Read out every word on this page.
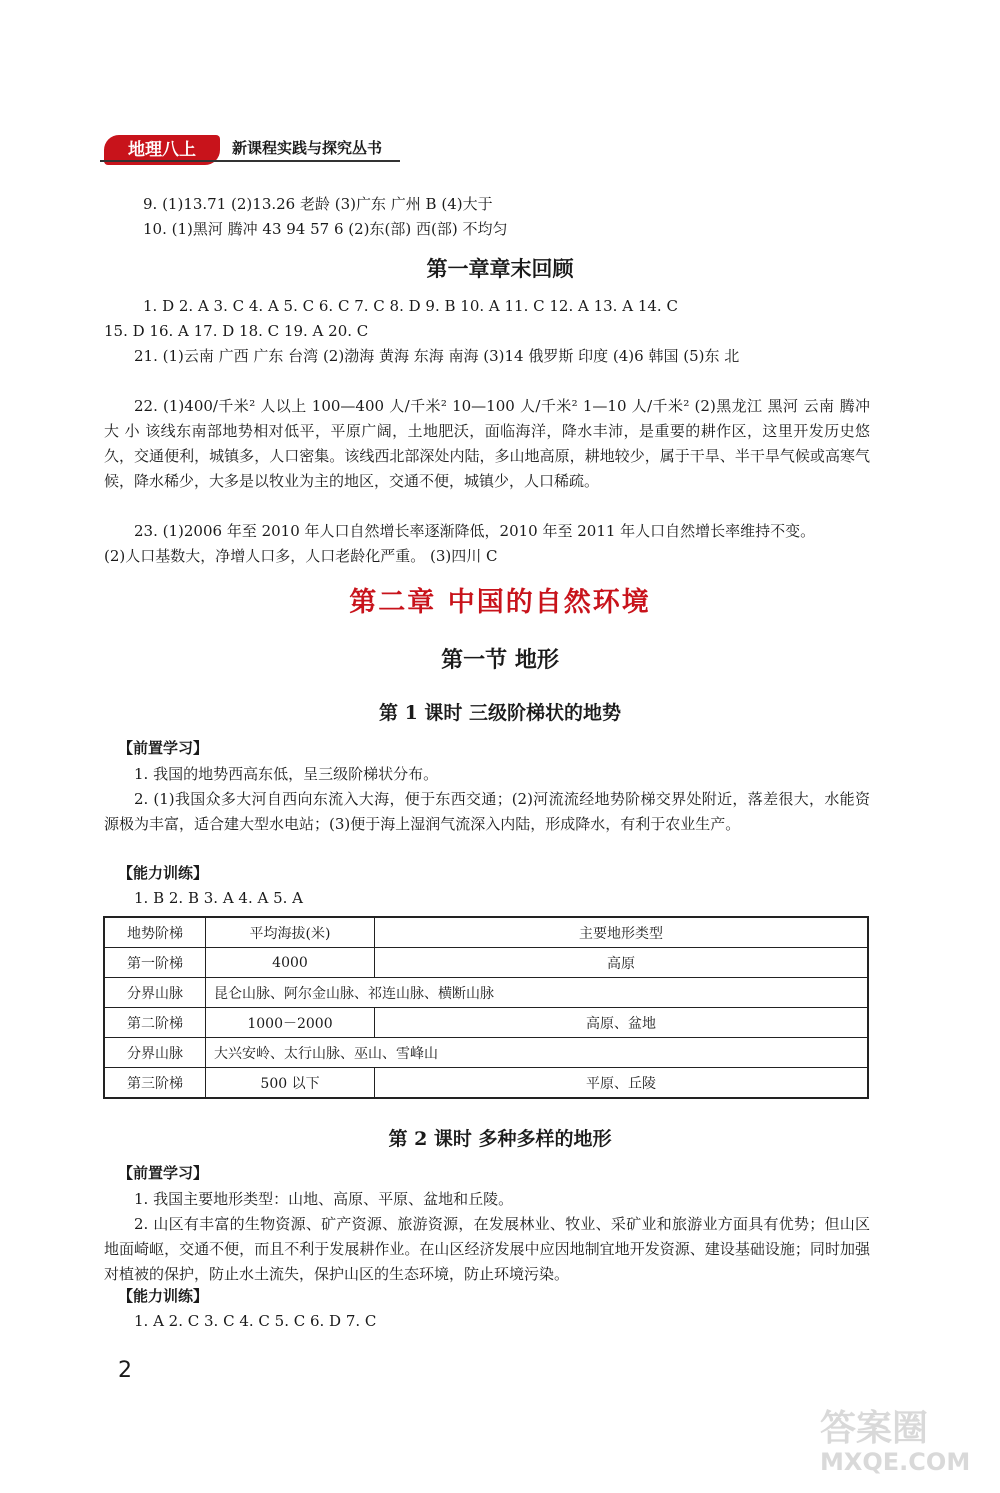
地理八上	新课程实践与探究丛书
9. (1)13.71 (2)13.26 老龄 (3)广东 广州 B (4)大于
10. (1)黑河 腾冲 43 94 57 6 (2)东(部) 西(部) 不均匀
第一章章末回顾
1. D 2. A 3. C 4. A 5. C 6. C 7. C 8. D 9. B 10. A 11. C 12. A 13. A 14. C
15. D 16. A 17. D 18. C 19. A 20. C
21. (1)云南 广西 广东 台湾 (2)渤海 黄海 东海 南海 (3)14 俄罗斯 印度 (4)6 韩国 (5)东 北
22. (1)400/千米² 人以上 100—400 人/千米² 10—100 人/千米² 1—10 人/千米² (2)黑龙江 黑河 云南 腾冲 大 小 该线东南部地势相对低平，平原广阔，土地肥沃，面临海洋，降水丰沛，是重要的耕作区，这里开发历史悠久，交通便利，城镇多，人口密集。该线西北部深处内陆，多山地高原，耕地较少，属于干旱、半干旱气候或高寒气候，降水稀少，大多是以牧业为主的地区，交通不便，城镇少，人口稀疏。
23. (1)2006 年至 2010 年人口自然增长率逐渐降低，2010 年至 2011 年人口自然增长率维持不变。
(2)人口基数大，净增人口多，人口老龄化严重。 (3)四川 C
第二章 中国的自然环境
第一节 地形
第 1 课时 三级阶梯状的地势
【前置学习】
1. 我国的地势西高东低，呈三级阶梯状分布。
2. (1)我国众多大河自西向东流入大海，便于东西交通；(2)河流流经地势阶梯交界处附近，落差很大，水能资源极为丰富，适合建大型水电站；(3)便于海上湿润气流深入内陆，形成降水，有利于农业生产。
【能力训练】
1. B 2. B 3. A 4. A 5. A
地势阶梯	平均海拔(米)	主要地形类型
第一阶梯	4000	高原
分界山脉	昆仑山脉、阿尔金山脉、祁连山脉、横断山脉	
第二阶梯	1000－2000	高原、盆地
分界山脉	大兴安岭、太行山脉、巫山、雪峰山	
第三阶梯	500 以下	平原、丘陵
第 2 课时 多种多样的地形
【前置学习】
1. 我国主要地形类型：山地、高原、平原、盆地和丘陵。
2. 山区有丰富的生物资源、矿产资源、旅游资源，在发展林业、牧业、采矿业和旅游业方面具有优势；但山区地面崎岖，交通不便，而且不利于发展耕作业。在山区经济发展中应因地制宜地开发资源、建设基础设施；同时加强对植被的保护，防止水土流失，保护山区的生态环境，防止环境污染。
【能力训练】
1. A 2. C 3. C 4. C 5. C 6. D 7. C
2
答案圈
MXQE.COM
